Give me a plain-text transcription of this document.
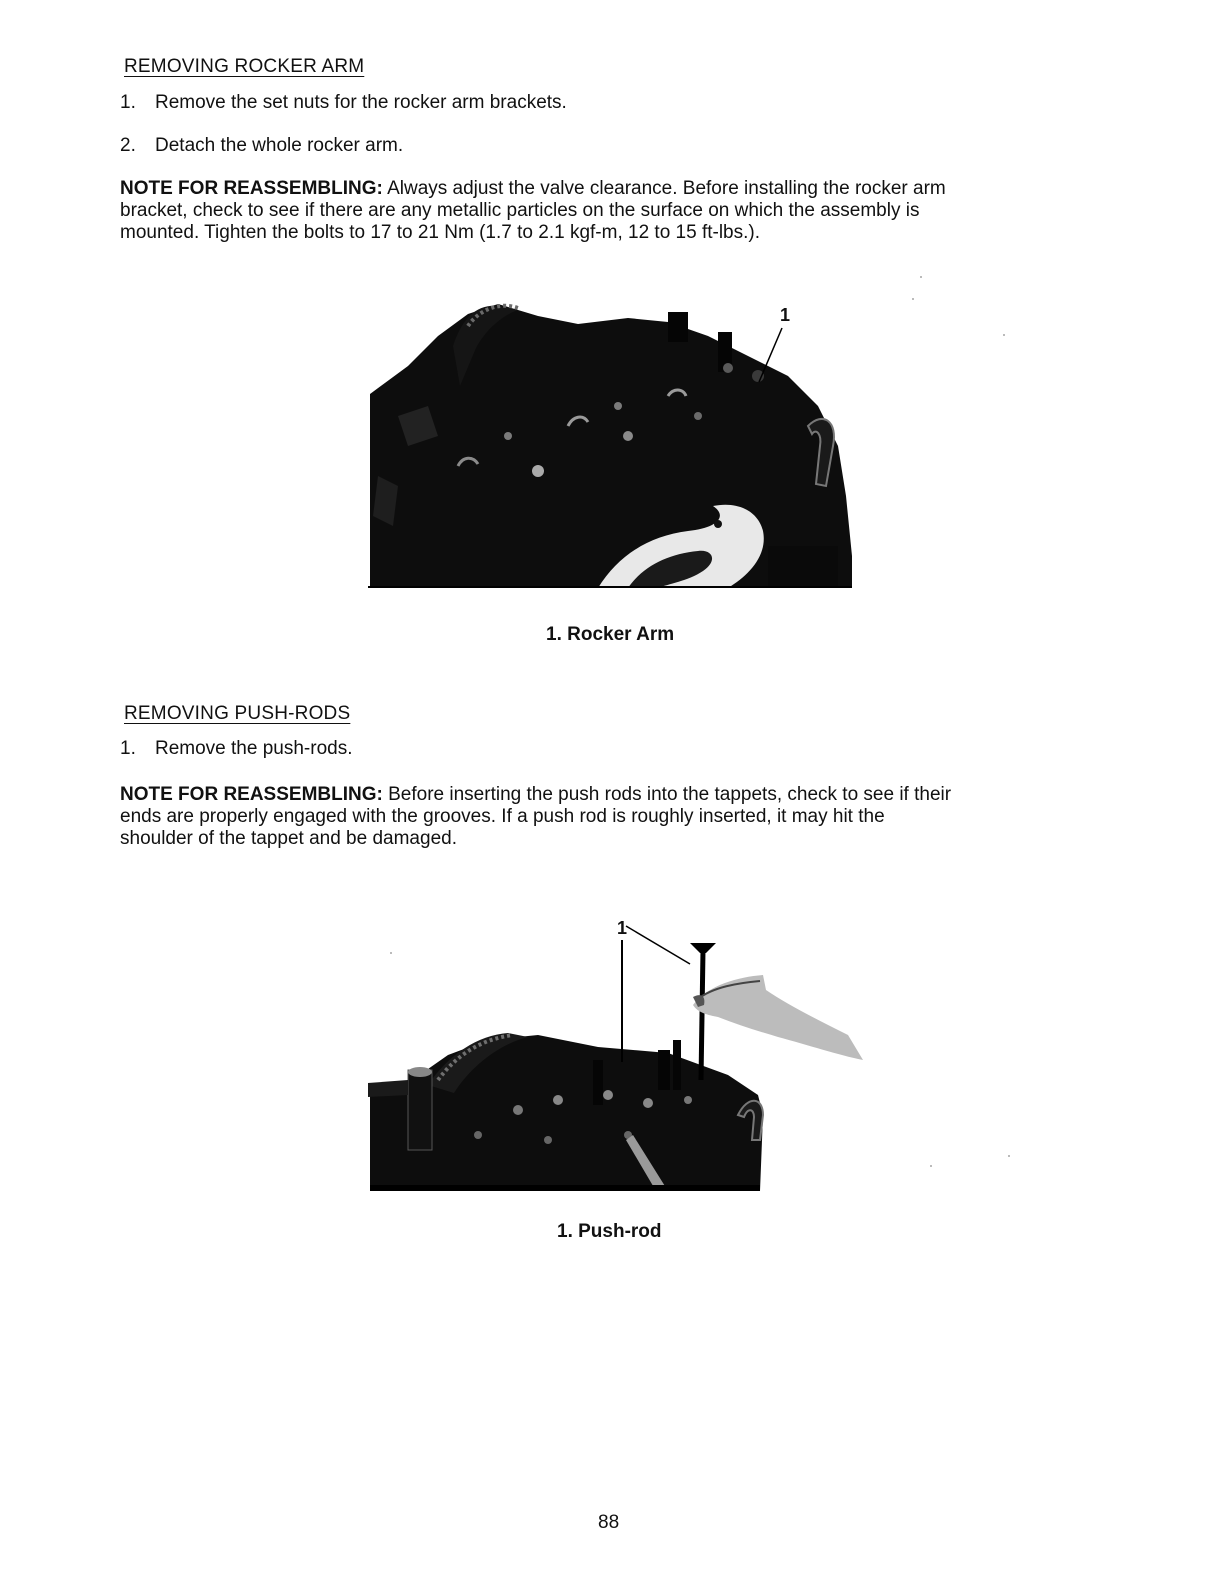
REMOVING ROCKER ARM
1. Remove the set nuts for the rocker arm brackets.
2. Detach the whole rocker arm.
NOTE FOR REASSEMBLING: Always adjust the valve clearance. Before installing the rocker arm
bracket, check to see if there are any metallic particles on the surface on which the assembly is
mounted. Tighten the bolts to 17 to 21 Nm (1.7 to 2.1 kgf-m, 12 to 15 ft-lbs.).
1
1. Rocker Arm
REMOVING PUSH-RODS
1. Remove the push-rods.
NOTE FOR REASSEMBLING: Before inserting the push rods into the tappets, check to see if their
ends are properly engaged with the grooves. If a push rod is roughly inserted, it may hit the
shoulder of the tappet and be damaged.
1
1. Push-rod
88
